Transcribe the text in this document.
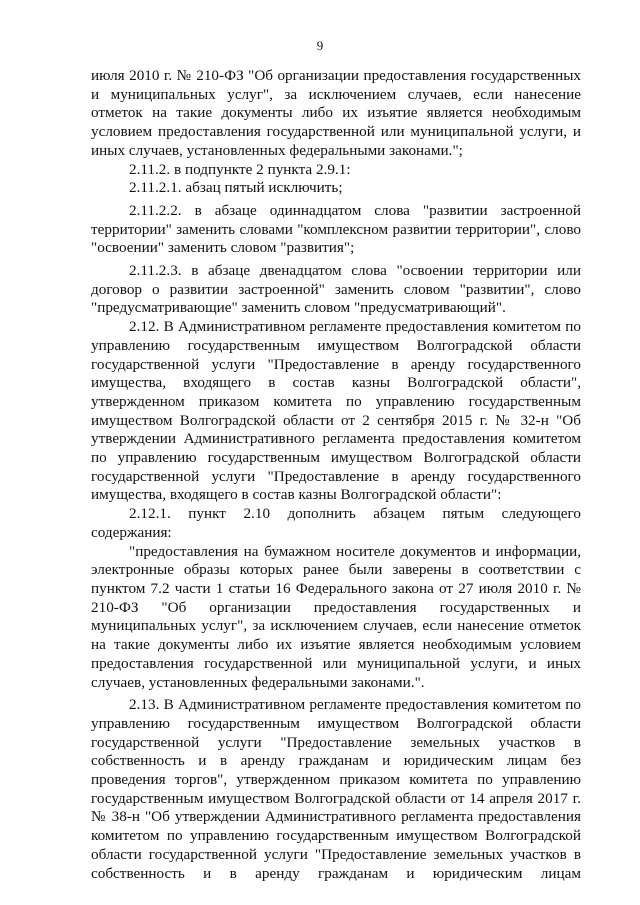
9

июля 2010 г. № 210-ФЗ "Об организации предоставления государственных и муниципальных услуг", за исключением случаев, если нанесение отметок на такие документы либо их изъятие является необходимым условием предоставления государственной или муниципальной услуги, и иных случаев, установленных федеральными законами.";

2.11.2. в подпункте 2 пункта 2.9.1:

2.11.2.1. абзац пятый исключить;

2.11.2.2. в абзаце одиннадцатом слова "развитии застроенной территории" заменить словами "комплексном развитии территории", слово "освоении" заменить словом "развития";

2.11.2.3. в абзаце двенадцатом слова "освоении территории или договор о развитии застроенной" заменить словом "развитии", слово "предусматривающие" заменить словом "предусматривающий".

2.12. В Административном регламенте предоставления комитетом по управлению государственным имуществом Волгоградской области государственной услуги "Предоставление в аренду государственного имущества, входящего в состав казны Волгоградской области", утвержденном приказом комитета по управлению государственным имуществом Волгоградской области от 2 сентября 2015 г. № 32-н "Об утверждении Административного регламента предоставления комитетом по управлению государственным имуществом Волгоградской области государственной услуги "Предоставление в аренду государственного имущества, входящего в состав казны Волгоградской области":

2.12.1. пункт 2.10 дополнить абзацем пятым следующего содержания:

"предоставления на бумажном носителе документов и информации, электронные образы которых ранее были заверены в соответствии с пунктом 7.2 части 1 статьи 16 Федерального закона от 27 июля 2010 г. № 210-ФЗ "Об организации предоставления государственных и муниципальных услуг", за исключением случаев, если нанесение отметок на такие документы либо их изъятие является необходимым условием предоставления государственной или муниципальной услуги, и иных случаев, установленных федеральными законами.".

2.13. В Административном регламенте предоставления комитетом по управлению государственным имуществом Волгоградской области государственной услуги "Предоставление земельных участков в собственность и в аренду гражданам и юридическим лицам без проведения торгов", утвержденном приказом комитета по управлению государственным имуществом Волгоградской области от 14 апреля 2017 г. № 38-н "Об утверждении Административного регламента предоставления комитетом по управлению государственным имуществом Волгоградской области государственной услуги "Предоставление земельных участков в собственность и в аренду гражданам и юридическим лицам
